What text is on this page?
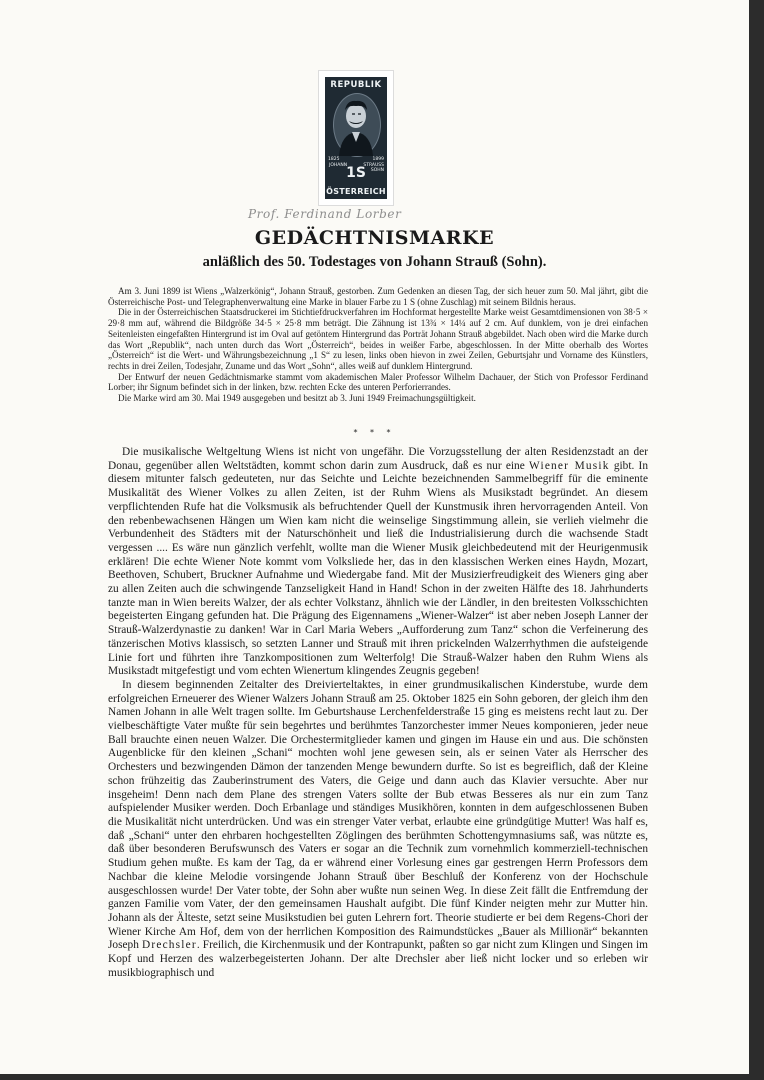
REPUBLIK
1825	1899
JOHANN	STRAUSS
SOHN
1S
ÖSTERREICH
Prof. Ferdinand Lorber
GEDÄCHTNISMARKE
anläßlich des 50. Todestages von Johann Strauß (Sohn).

Am 3. Juni 1899 ist Wiens „Walzerkönig“, Johann Strauß, gestorben. Zum Gedenken an diesen Tag, der sich heuer zum 50. Mal jährt, gibt die Österreichische Post- und Telegraphenverwaltung eine Marke in blauer Farbe zu 1 S (ohne Zuschlag) mit seinem Bildnis heraus.

Die in der Österreichischen Staatsdruckerei im Stichtiefdruckverfahren im Hochformat hergestellte Marke weist Gesamtdimensionen von 38·5 × 29·8 mm auf, während die Bildgröße 34·5 × 25·8 mm beträgt. Die Zähnung ist 13¾ × 14¼ auf 2 cm. Auf dunklem, von je drei einfachen Seitenleisten eingefaßten Hintergrund ist im Oval auf getöntem Hintergrund das Porträt Johann Strauß abgebildet. Nach oben wird die Marke durch das Wort „Republik“, nach unten durch das Wort „Österreich“, beides in weißer Farbe, abgeschlossen. In der Mitte oberhalb des Wortes „Österreich“ ist die Wert- und Währungsbezeichnung „1 S“ zu lesen, links oben hievon in zwei Zeilen, Geburtsjahr und Vorname des Künstlers, rechts in drei Zeilen, Todesjahr, Zuname und das Wort „Sohn“, alles weiß auf dunklem Hintergrund.

Der Entwurf der neuen Gedächtnismarke stammt vom akademischen Maler Professor Wilhelm Dachauer, der Stich von Professor Ferdinand Lorber; ihr Signum befindet sich in der linken, bzw. rechten Ecke des unteren Perforierrandes.

Die Marke wird am 30. Mai 1949 ausgegeben und besitzt ab 3. Juni 1949 Freimachungsgültigkeit.

* * *

Die musikalische Weltgeltung Wiens ist nicht von ungefähr. Die Vorzugsstellung der alten Residenzstadt an der Donau, gegenüber allen Weltstädten, kommt schon darin zum Ausdruck, daß es nur eine Wiener Musik gibt. In diesem mitunter falsch gedeuteten, nur das Seichte und Leichte bezeichnenden Sammelbegriff für die eminente Musikalität des Wiener Volkes zu allen Zeiten, ist der Ruhm Wiens als Musikstadt begründet. An diesem verpflichtenden Rufe hat die Volksmusik als befruchtender Quell der Kunstmusik ihren hervorragenden Anteil. Von den rebenbewachsenen Hängen um Wien kam nicht die weinselige Singstimmung allein, sie verlieh vielmehr die Verbundenheit des Städters mit der Naturschönheit und ließ die Industrialisierung durch die wachsende Stadt vergessen .... Es wäre nun gänzlich verfehlt, wollte man die Wiener Musik gleichbedeutend mit der Heurigenmusik erklären! Die echte Wiener Note kommt vom Volksliede her, das in den klassischen Werken eines Haydn, Mozart, Beethoven, Schubert, Bruckner Aufnahme und Wiedergabe fand. Mit der Musizierfreudigkeit des Wieners ging aber zu allen Zeiten auch die schwingende Tanzseligkeit Hand in Hand! Schon in der zweiten Hälfte des 18. Jahrhunderts tanzte man in Wien bereits Walzer, der als echter Volkstanz, ähnlich wie der Ländler, in den breitesten Volksschichten begeisterten Eingang gefunden hat. Die Prägung des Eigennamens „Wiener-Walzer“ ist aber neben Joseph Lanner der Strauß-Walzerdynastie zu danken! War in Carl Maria Webers „Aufforderung zum Tanz“ schon die Verfeinerung des tänzerischen Motivs klassisch, so setzten Lanner und Strauß mit ihren prickelnden Walzerrhythmen die aufsteigende Linie fort und führten ihre Tanzkompositionen zum Welterfolg! Die Strauß-Walzer haben den Ruhm Wiens als Musikstadt mitgefestigt und vom echten Wienertum klingendes Zeugnis gegeben!

In diesem beginnenden Zeitalter des Dreivierteltaktes, in einer grundmusikalischen Kinderstube, wurde dem erfolgreichen Erneuerer des Wiener Walzers Johann Strauß am 25. Oktober 1825 ein Sohn geboren, der gleich ihm den Namen Johann in alle Welt tragen sollte. Im Geburtshause Lerchenfelderstraße 15 ging es meistens recht laut zu. Der vielbeschäftigte Vater mußte für sein begehrtes und berühmtes Tanzorchester immer Neues komponieren, jeder neue Ball brauchte einen neuen Walzer. Die Orchestermitglieder kamen und gingen im Hause ein und aus. Die schönsten Augenblicke für den kleinen „Schani“ mochten wohl jene gewesen sein, als er seinen Vater als Herrscher des Orchesters und bezwingenden Dämon der tanzenden Menge bewundern durfte. So ist es begreiflich, daß der Kleine schon frühzeitig das Zauberinstrument des Vaters, die Geige und dann auch das Klavier versuchte. Aber nur insgeheim! Denn nach dem Plane des strengen Vaters sollte der Bub etwas Besseres als nur ein zum Tanz aufspielender Musiker werden. Doch Erbanlage und ständiges Musikhören, konnten in dem aufgeschlossenen Buben die Musikalität nicht unterdrücken. Und was ein strenger Vater verbat, erlaubte eine gründgütige Mutter! Was half es, daß „Schani“ unter den ehrbaren hochgestellten Zöglingen des berühmten Schottengymnasiums saß, was nützte es, daß über besonderen Berufswunsch des Vaters er sogar an die Technik zum vornehmlich kommerziell-technischen Studium gehen mußte. Es kam der Tag, da er während einer Vorlesung eines gar gestrengen Herrn Professors dem Nachbar die kleine Melodie vorsingende Johann Strauß über Beschluß der Konferenz von der Hochschule ausgeschlossen wurde! Der Vater tobte, der Sohn aber wußte nun seinen Weg. In diese Zeit fällt die Entfremdung der ganzen Familie vom Vater, der den gemeinsamen Haushalt aufgibt. Die fünf Kinder neigten mehr zur Mutter hin. Johann als der Älteste, setzt seine Musikstudien bei guten Lehrern fort. Theorie studierte er bei dem Regens-Chori der Wiener Kirche Am Hof, dem von der herrlichen Komposition des Raimundstückes „Bauer als Millionär“ bekannten Joseph Drechsler. Freilich, die Kirchenmusik und der Kontrapunkt, paßten so gar nicht zum Klingen und Singen im Kopf und Herzen des walzerbegeisterten Johann. Der alte Drechsler aber ließ nicht locker und so erleben wir musikbiographisch und
